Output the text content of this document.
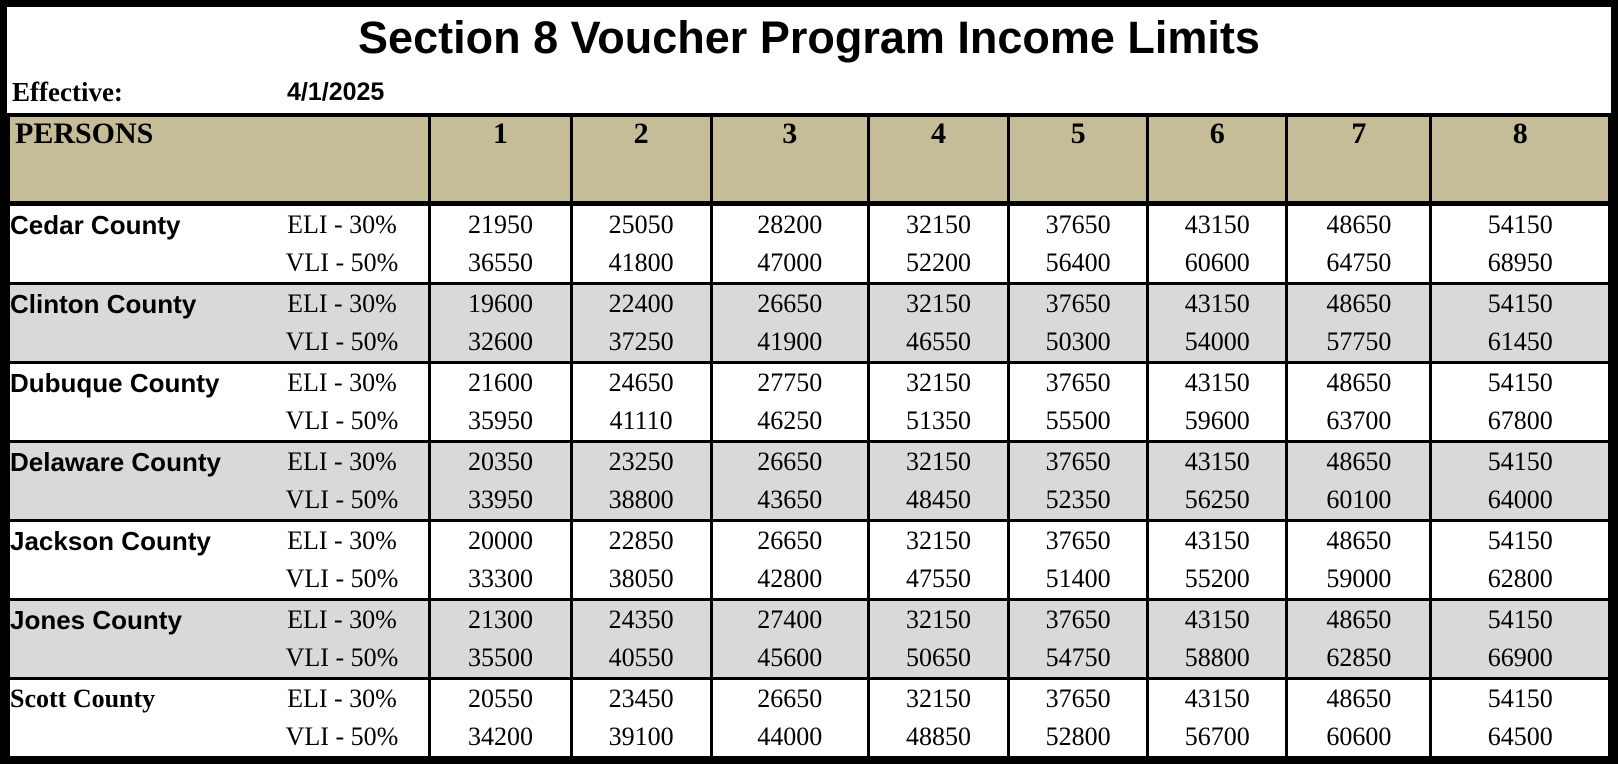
Section 8 Voucher Program Income Limits
Effective:	4/1/2025
PERSONS		1	2	3	4	5	6	7	8
Cedar County	ELI - 30%	21950	25050	28200	32150	37650	43150	48650	54150
	VLI - 50%	36550	41800	47000	52200	56400	60600	64750	68950
Clinton County	ELI - 30%	19600	22400	26650	32150	37650	43150	48650	54150
	VLI - 50%	32600	37250	41900	46550	50300	54000	57750	61450
Dubuque County	ELI - 30%	21600	24650	27750	32150	37650	43150	48650	54150
	VLI - 50%	35950	41110	46250	51350	55500	59600	63700	67800
Delaware County	ELI - 30%	20350	23250	26650	32150	37650	43150	48650	54150
	VLI - 50%	33950	38800	43650	48450	52350	56250	60100	64000
Jackson County	ELI - 30%	20000	22850	26650	32150	37650	43150	48650	54150
	VLI - 50%	33300	38050	42800	47550	51400	55200	59000	62800
Jones County	ELI - 30%	21300	24350	27400	32150	37650	43150	48650	54150
	VLI - 50%	35500	40550	45600	50650	54750	58800	62850	66900
Scott County	ELI - 30%	20550	23450	26650	32150	37650	43150	48650	54150
	VLI - 50%	34200	39100	44000	48850	52800	56700	60600	64500
